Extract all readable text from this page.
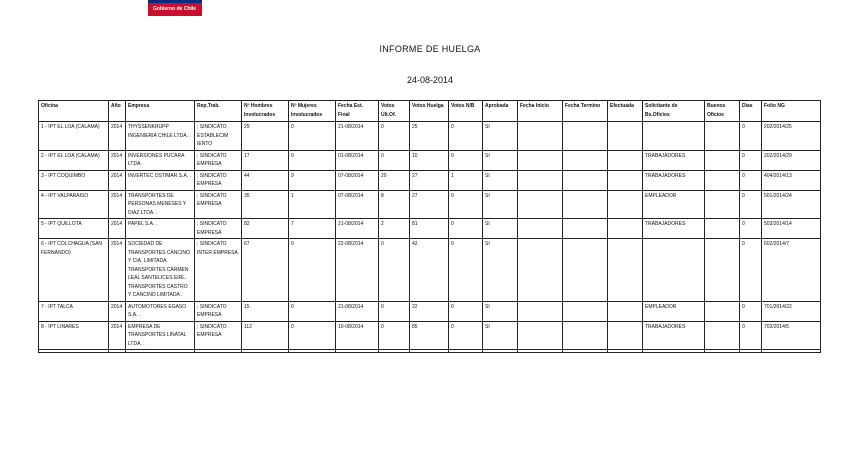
Gobierno de Chile
INFORME DE HUELGA
24-08-2014
Oficina	Año	Empresa	Rep.Trab.	Nº Hombres Involucrados	Nº Mujeres Involucrados	Fecha Est. Final	Votos Ult.Of.	Votos Huelga	Votos N/B	Aprobada	Fecha Inicio	Fecha Termino	Efectuada	Solicitante de Bs.Oficios	Buenos Oficios	Días	Folio NG
1 - IPT EL LOA (CALAMA)	2014	THYSSENKRUPP INGENIERIA CHILE LTDA. .	; SINDICATO ESTABLECIM IENTO	29	0	21-08/2014	0	25	0	SI						0	202/2014/25
2 - IPT EL LOA (CALAMA)	2014	INVERSIONES PUCARA LTDA.	; SINDICATO EMPRESA	17	0	01-08/2014	0	10	0	SI				TRABAJADORES		0	202/2014/29
3 - IPT COQUIMBO	2014	INVERTEC OSTIMAR S.A. .	; SINDICATO EMPRESA	44	9	07-08/2014	20	27	1	SI				TRABAJADORES		0	404/2014/13
4 - IPT VALPARAISO	2014	TRANSPORTES DE PERSONAS MENESES Y DIAZ LTDA. .	; SINDICATO EMPRESA	35	1	07-08/2014	8	27	0	SI				EMPLEADOR		0	501/2014/24
5 - IPT QUILLOTA	2014	PAPEL S.A. .	; SINDICATO EMPRESA	82	7	21-08/2014	2	81	0	SI				TRABAJADORES		0	503/2014/14
6 - IPT COLCHAGUA (SAN FERNANDO)	2014	SOCIEDAD DE TRANSPORTES CANCINO Y CIA. LIMITADA. TRANSPORTES CARMEN LEAL SANTELICES EIRL. TRANSPORTES CASTRO Y CANCINO LIMITADA .	; SINDICATO INTER EMPRESA	67	0	22-08/2014	0	42	0	SI						0	602/2014/7
7 - IPT TALCA	2014	AUTOMOTORES EGASO S.A. .	; SINDICATO EMPRESA	15	0	21-08/2014	0	22	0	SI				EMPLEADOR		0	701/2014/22
8 - IPT LINARES	2014	EMPRESA DE TRANSPORTES LINATAL LTDA. .	; SINDICATO EMPRESA	112	0	10-08/2014	0	85	0	SI				TRABAJADORES		0	703/2014/5
